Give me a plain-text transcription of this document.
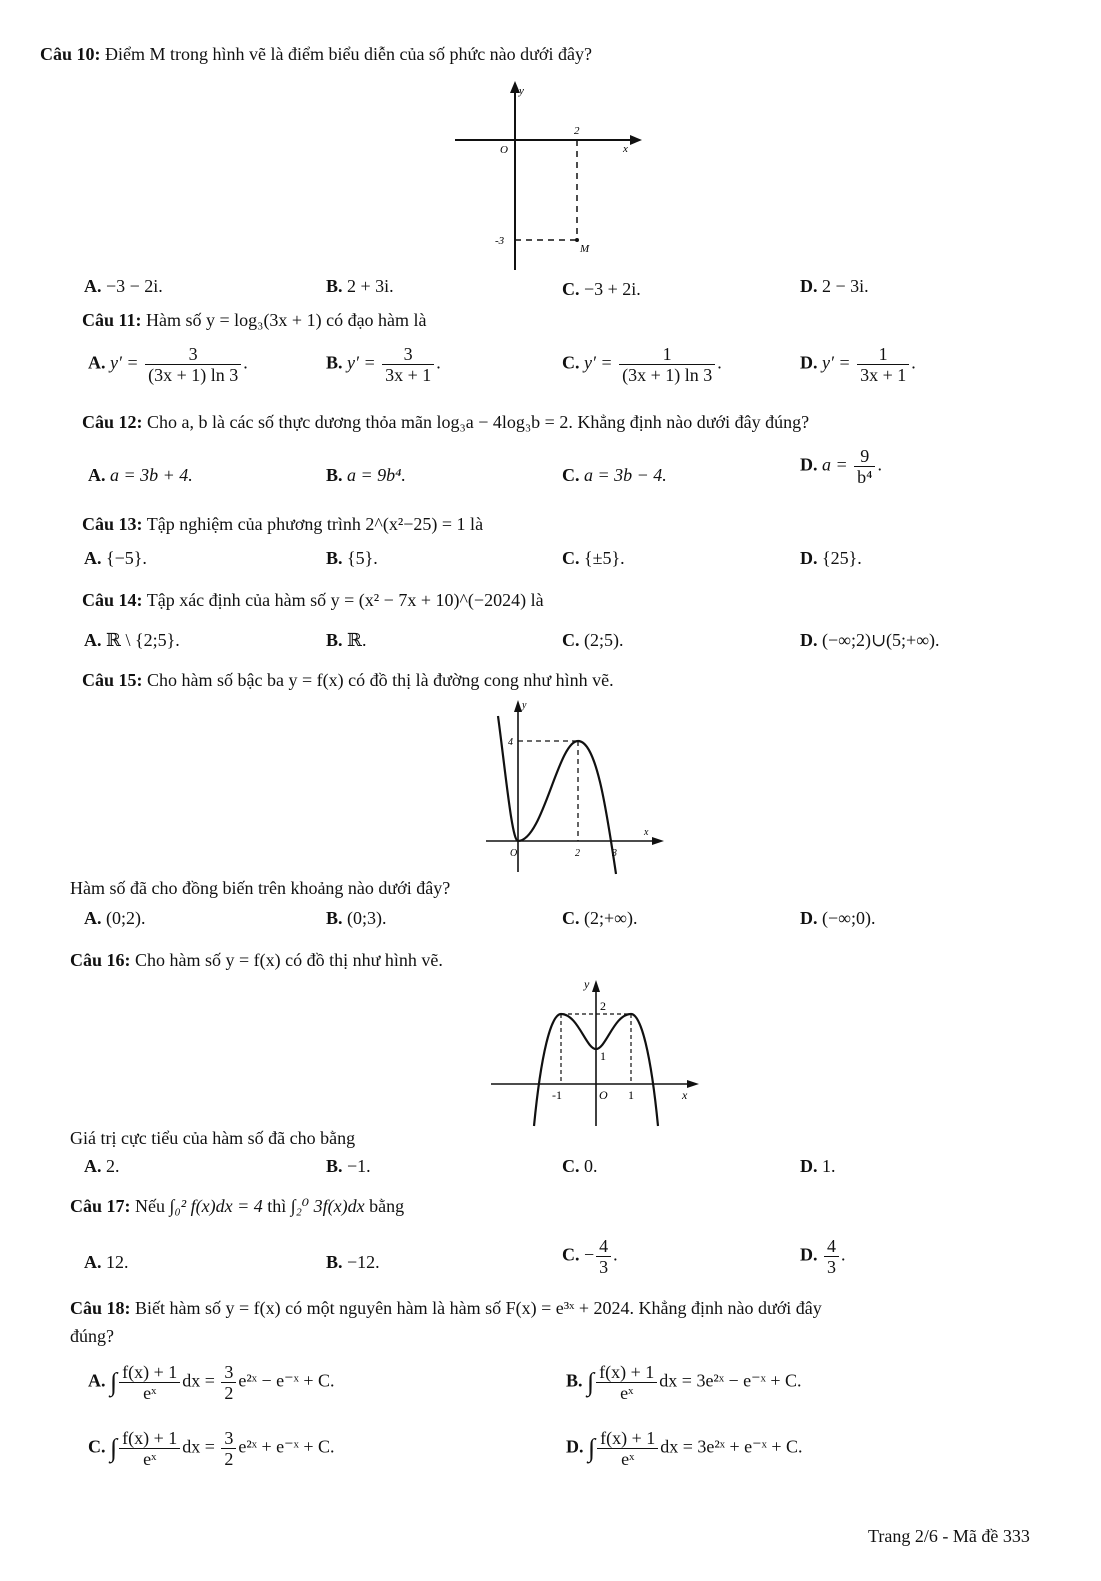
Câu 10: Điểm M trong hình vẽ là điểm biểu diễn của số phức nào dưới đây?
y
O	x
2
-3
M
A. −3 − 2i.	B. 2 + 3i.	C. −3 + 2i.	D. 2 − 3i.
Câu 11: Hàm số y = log₃(3x + 1) có đạo hàm là
A. $y' = \frac{3}{(3x + 1) \ln 3}$ .	B. $y' = \frac{3}{3x + 1}$ .	C. $y' = \frac{1}{(3x + 1) \ln 3}$ .	D. $y' = \frac{1}{3x + 1}$ .
Câu 12: Cho a, b là các số thực dương thỏa mãn log₃a − 4log₃b = 2. Khẳng định nào dưới đây đúng?
A. a = 3b + 4.	B. a = 9b⁴.	C. a = 3b − 4.
D. $a = \frac{9}{\text{b⁴}}$ .
Câu 13: Tập nghiệm của phương trình 2^(x²−25) = 1 là
A. {−5}.	B. {5}.	C. {±5}.	D. {25}.
Câu 14: Tập xác định của hàm số y = (x² − 7x + 10)^(−2024) là
A. ℝ \ {2;5}.	B. ℝ.	C. (2;5).	D. (−∞;2)∪(5;+∞).
Câu 15: Cho hàm số bậc ba y = f(x) có đồ thị là đường cong như hình vẽ.
y
4
x
O	2	3
Hàm số đã cho đồng biến trên khoảng nào dưới đây?
A. (0;2).	B. (0;3).	C. (2;+∞).	D. (−∞;0).
Câu 16: Cho hàm số y = f(x) có đồ thị như hình vẽ.
y
2
1
-1	O 1	x
Giá trị cực tiểu của hàm số đã cho bằng
A. 2.	B. −1.	C. 0.	D. 1.
Câu 17: Nếu ∫₀² f(x)dx = 4 thì ∫₂⁰ 3f(x)dx bằng
A. 12.	B. −12.	C. − $\frac{4}{3}$ .	D. $\frac{4}{3}$ .
Câu 18: Biết hàm số y = f(x) có một nguyên hàm là hàm số F(x) = e³ˣ + 2024. Khẳng định nào dưới đây
đúng?
A. ∫ $\frac{f(x) + 1}{\text{eˣ}}$ dx = $\frac{3}{2}$ e²ˣ − e⁻ˣ + C.	B. ∫ $\frac{f(x) + 1}{\text{eˣ}}$ dx = 3e²ˣ − e⁻ˣ + C.
C. ∫ $\frac{f(x) + 1}{\text{eˣ}}$ dx = $\frac{3}{2}$ e²ˣ + e⁻ˣ + C.	D. ∫ $\frac{f(x) + 1}{\text{eˣ}}$ dx = 3e²ˣ + e⁻ˣ + C.
Trang 2/6 - Mã đề 333
